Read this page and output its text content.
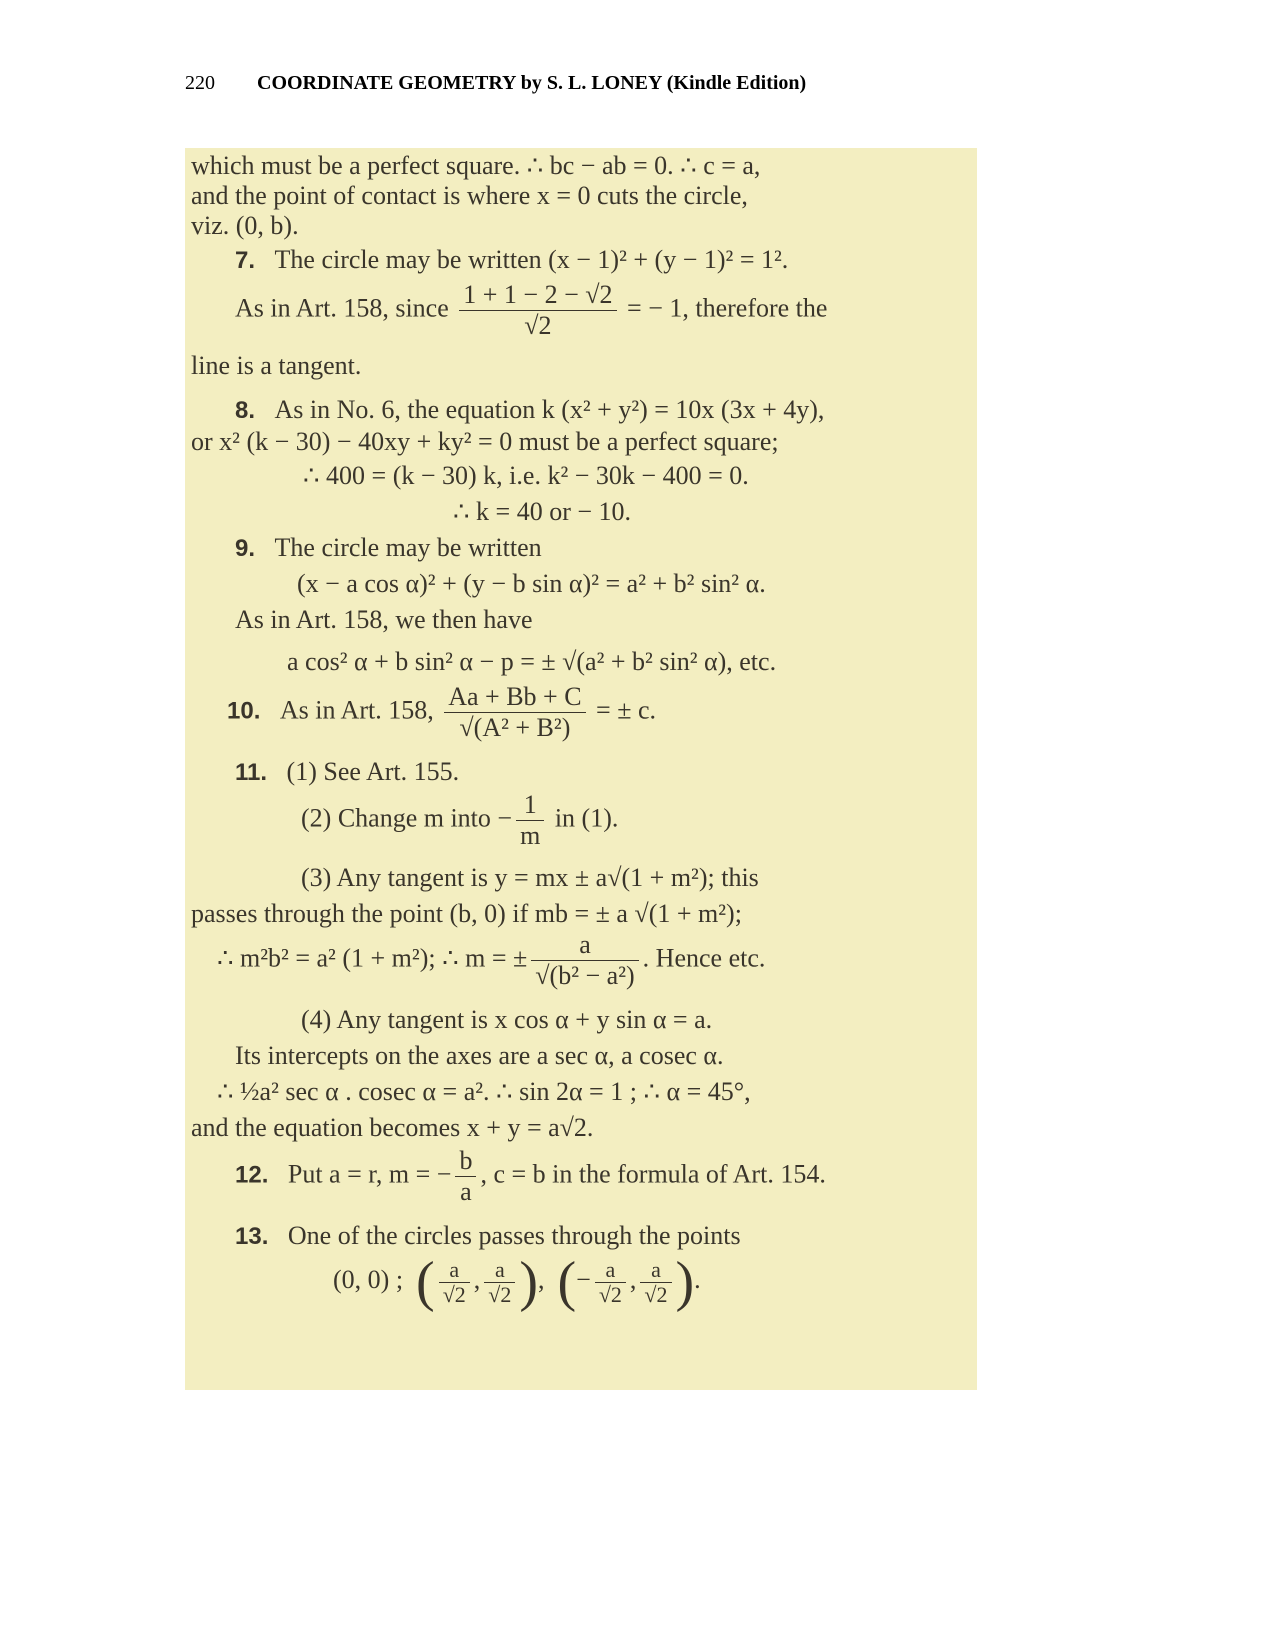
220 COORDINATE GEOMETRY by S. L. LONEY (Kindle Edition)
which must be a perfect square. ∴ bc − ab = 0. ∴ c = a,
and the point of contact is where x = 0 cuts the circle,
viz. (0, b).
7. The circle may be written (x − 1)² + (y − 1)² = 1².
As in Art. 158, since $\frac{1 + 1 - 2 - √2}{√2}$ = − 1, therefore the
line is a tangent.
8. As in No. 6, the equation k (x² + y²) = 10x (3x + 4y),
or x² (k − 30) − 40xy + ky² = 0 must be a perfect square;
∴ 400 = (k − 30) k, i.e. k² − 30k − 400 = 0.
∴ k = 40 or − 10.
9. The circle may be written
(x − a cos α)² + (y − b sin α)² = a² + b² sin² α.
As in Art. 158, we then have
a cos² α + b sin² α − p = ± √(a² + b² sin² α), etc.
10. As in Art. 158, $\frac{Aa + Bb + C}{\text{√(A² + B²)}}$ = ± c.
11. (1) See Art. 155.
(2) Change m into − $\frac{1}{m}$ in (1).
(3) Any tangent is y = mx ± a√(1 + m²); this
passes through the point (b, 0) if mb = ± a √(1 + m²);
∴ m²b² = a² (1 + m²); ∴ m = ± $\frac{a}{\text{√(b² − a²)}}$ . Hence etc.
(4) Any tangent is x cos α + y sin α = a.
Its intercepts on the axes are a sec α, a cosec α.
∴ ½a² sec α . cosec α = a². ∴ sin 2α = 1 ; ∴ α = 45°,
and the equation becomes x + y = a√2.
12. Put a = r, m = − $\frac{b}{a}$ , c = b in the formula of Art. 154.
13. One of the circles passes through the points
(0, 0) ; ( $\frac{a}{√2}$ , $\frac{a}{√2}$ ),  (− $\frac{a}{√2}$ , $\frac{a}{√2}$ ).
